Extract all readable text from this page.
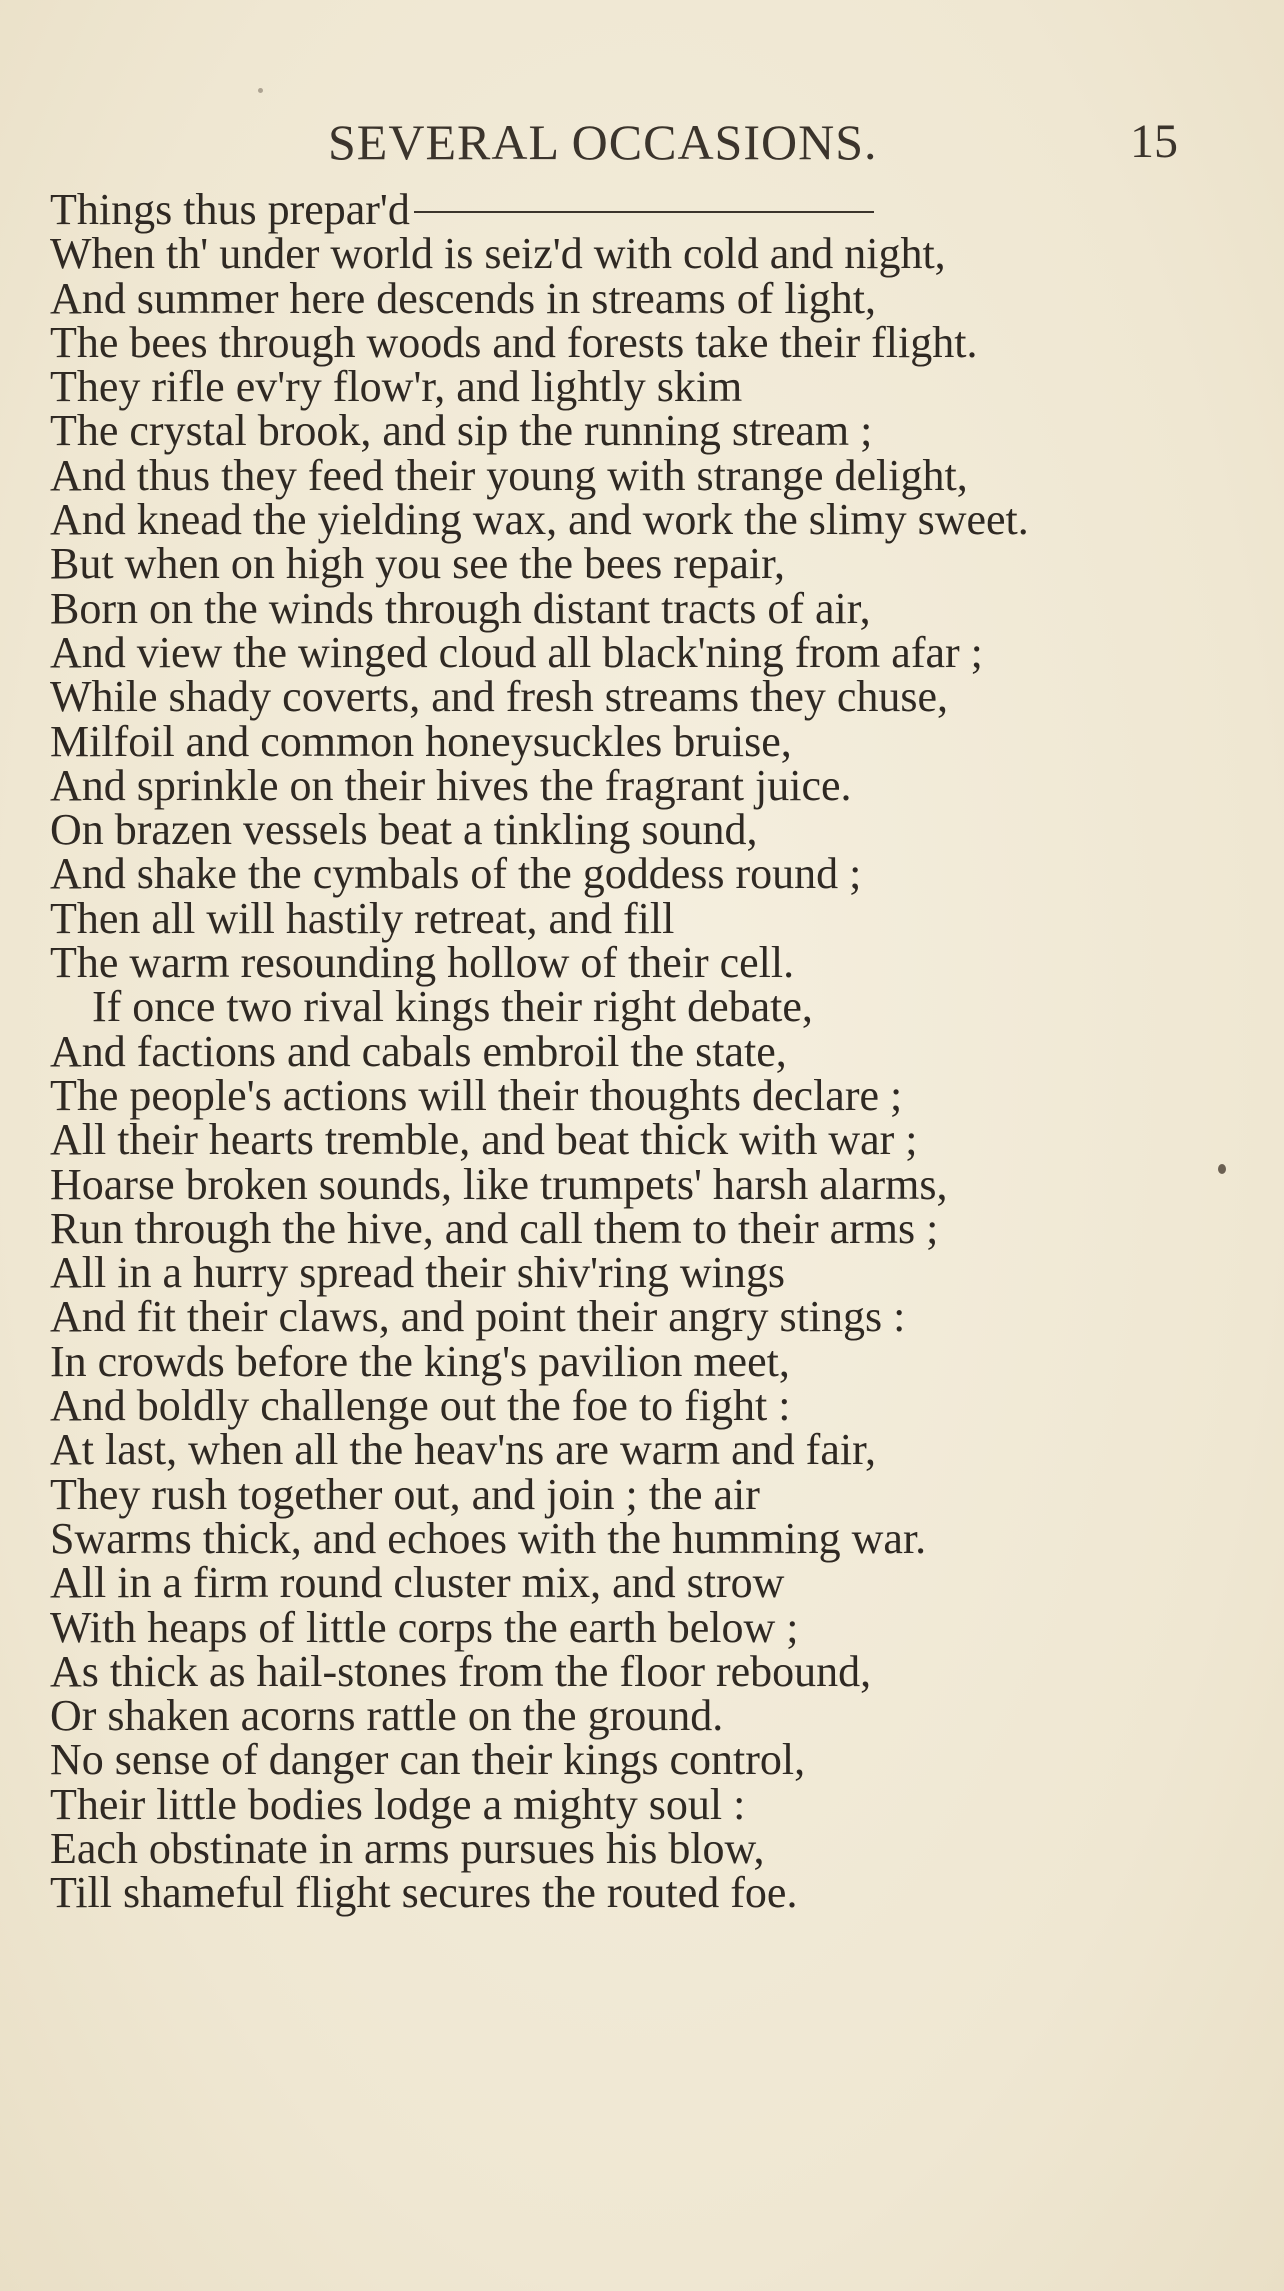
SEVERAL OCCASIONS.	15
Things thus prepar'd
When th' under world is seiz'd with cold and night,
And summer here descends in streams of light,
The bees through woods and forests take their flight.
They rifle ev'ry flow'r, and lightly skim
The crystal brook, and sip the running stream ;
And thus they feed their young with strange delight,
And knead the yielding wax, and work the slimy sweet.
But when on high you see the bees repair,
Born on the winds through distant tracts of air,
And view the winged cloud all black'ning from afar ;
While shady coverts, and fresh streams they chuse,
Milfoil and common honeysuckles bruise,
And sprinkle on their hives the fragrant juice.
On brazen vessels beat a tinkling sound,
And shake the cymbals of the goddess round ;
Then all will hastily retreat, and fill
The warm resounding hollow of their cell.
If once two rival kings their right debate,
And factions and cabals embroil the state,
The people's actions will their thoughts declare ;
All their hearts tremble, and beat thick with war ;
Hoarse broken sounds, like trumpets' harsh alarms,
Run through the hive, and call them to their arms ;
All in a hurry spread their shiv'ring wings
And fit their claws, and point their angry stings :
In crowds before the king's pavilion meet,
And boldly challenge out the foe to fight :
At last, when all the heav'ns are warm and fair,
They rush together out, and join ; the air
Swarms thick, and echoes with the humming war.
All in a firm round cluster mix, and strow
With heaps of little corps the earth below ;
As thick as hail-stones from the floor rebound,
Or shaken acorns rattle on the ground.
No sense of danger can their kings control,
Their little bodies lodge a mighty soul :
Each obstinate in arms pursues his blow,
Till shameful flight secures the routed foe.
